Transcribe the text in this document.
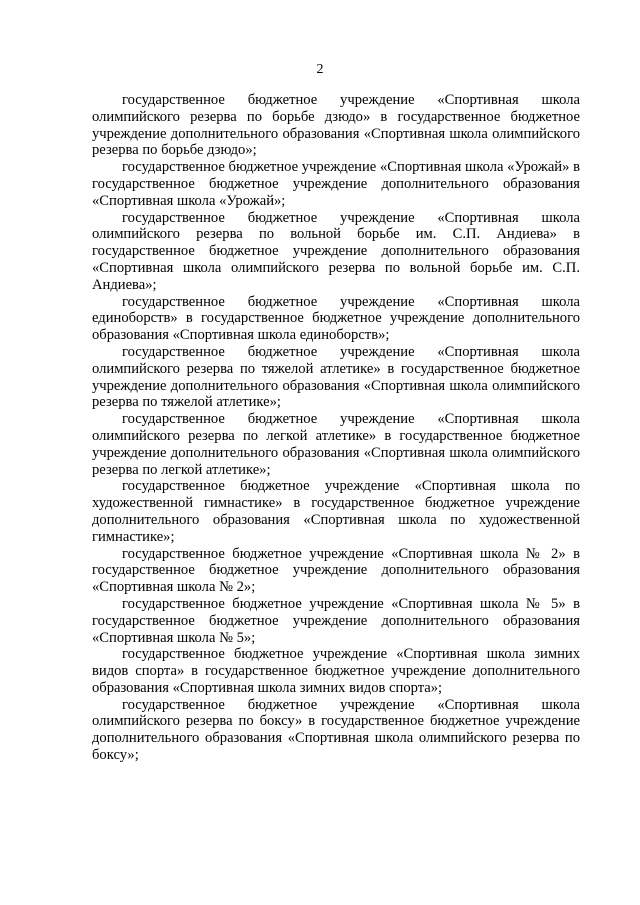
2

государственное бюджетное учреждение «Спортивная школа олимпийского резерва по борьбе дзюдо» в государственное бюджетное учреждение дополнительного образования «Спортивная школа олимпийского резерва по борьбе дзюдо»;

государственное бюджетное учреждение «Спортивная школа «Урожай» в государственное бюджетное учреждение дополнительного образования «Спортивная школа «Урожай»;

государственное бюджетное учреждение «Спортивная школа олимпийского резерва по вольной борьбе им. С.П. Андиева» в государственное бюджетное учреждение дополнительного образования «Спортивная школа олимпийского резерва по вольной борьбе им. С.П. Андиева»;

государственное бюджетное учреждение «Спортивная школа единоборств» в государственное бюджетное учреждение дополнительного образования «Спортивная школа единоборств»;

государственное бюджетное учреждение «Спортивная школа олимпийского резерва по тяжелой атлетике» в государственное бюджетное учреждение дополнительного образования «Спортивная школа олимпийского резерва по тяжелой атлетике»;

государственное бюджетное учреждение «Спортивная школа олимпийского резерва по легкой атлетике» в государственное бюджетное учреждение дополнительного образования «Спортивная школа олимпийского резерва по легкой атлетике»;

государственное бюджетное учреждение «Спортивная школа по художественной гимнастике» в государственное бюджетное учреждение дополнительного образования «Спортивная школа по художественной гимнастике»;

государственное бюджетное учреждение «Спортивная школа № 2» в государственное бюджетное учреждение дополнительного образования «Спортивная школа № 2»;

государственное бюджетное учреждение «Спортивная школа № 5» в государственное бюджетное учреждение дополнительного образования «Спортивная школа № 5»;

государственное бюджетное учреждение «Спортивная школа зимних видов спорта» в государственное бюджетное учреждение дополнительного образования «Спортивная школа зимних видов спорта»;

государственное бюджетное учреждение «Спортивная школа олимпийского резерва по боксу» в государственное бюджетное учреждение дополнительного образования «Спортивная школа олимпийского резерва по боксу»;
